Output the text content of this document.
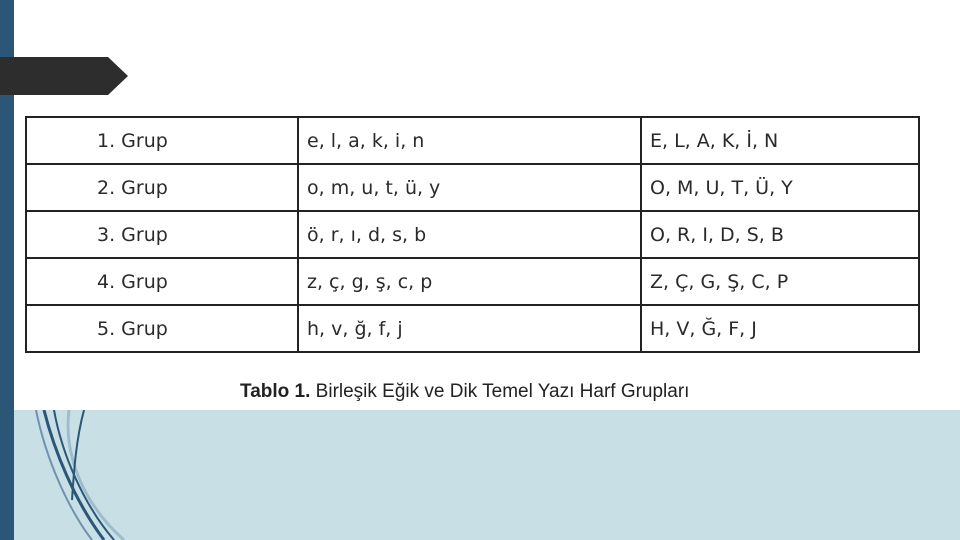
1. Grup	e, l, a, k, i, n	E, L, A, K, İ, N
2. Grup	o, m, u, t, ü, y	O, M, U, T, Ü, Y
3. Grup	ö, r, ı, d, s, b	O, R, I, D, S, B
4. Grup	z, ç, g, ş, c, p	Z, Ç, G, Ş, C, P
5. Grup	h, v, ğ, f, j	H, V, Ğ, F, J
Tablo 1. Birleşik Eğik ve Dik Temel Yazı Harf Grupları
